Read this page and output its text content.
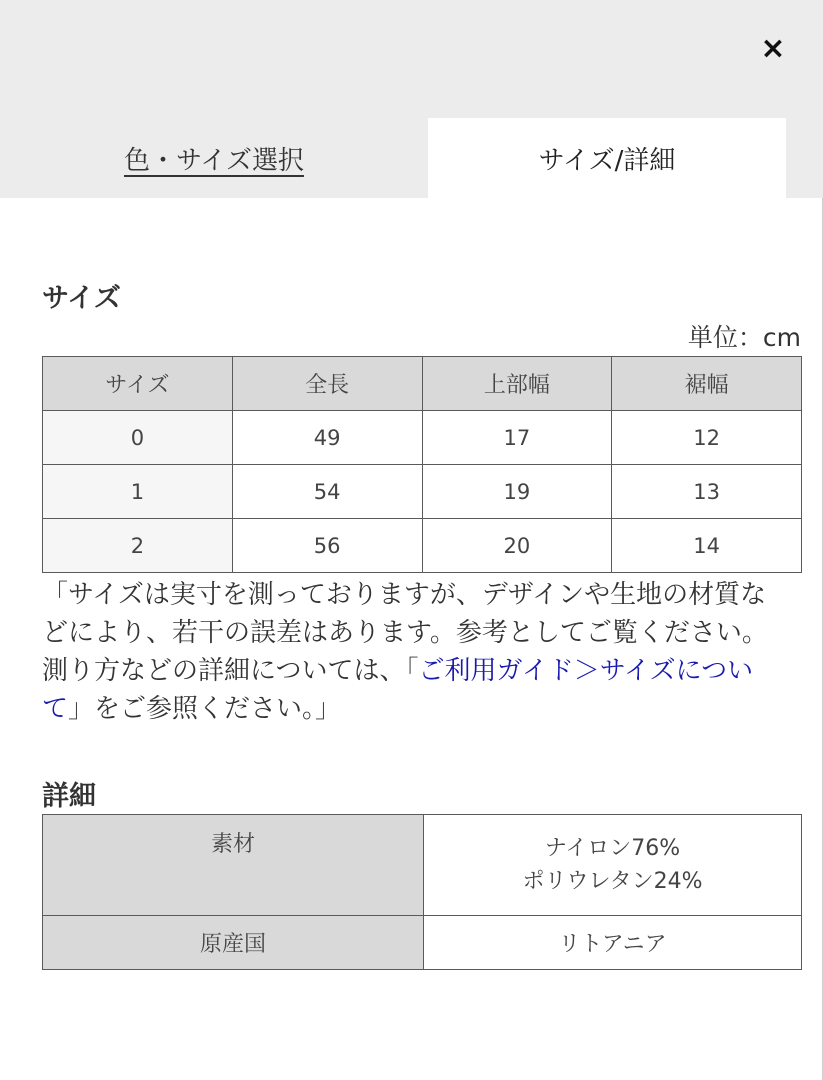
×
色・サイズ選択	サイズ/詳細
サイズ
単位：cm
サイズ	全長	上部幅	裾幅
0	49	17	12
1	54	19	13
2	56	20	14
「サイズは実寸を測っておりますが、デザインや生地の材質などにより、若干の誤差はあります。参考としてご覧ください。測り方などの詳細については、「ご利用ガイド＞サイズについて」をご参照ください。」
詳細
素材	ナイロン76%
ポリウレタン24%

原産国	リトアニア
